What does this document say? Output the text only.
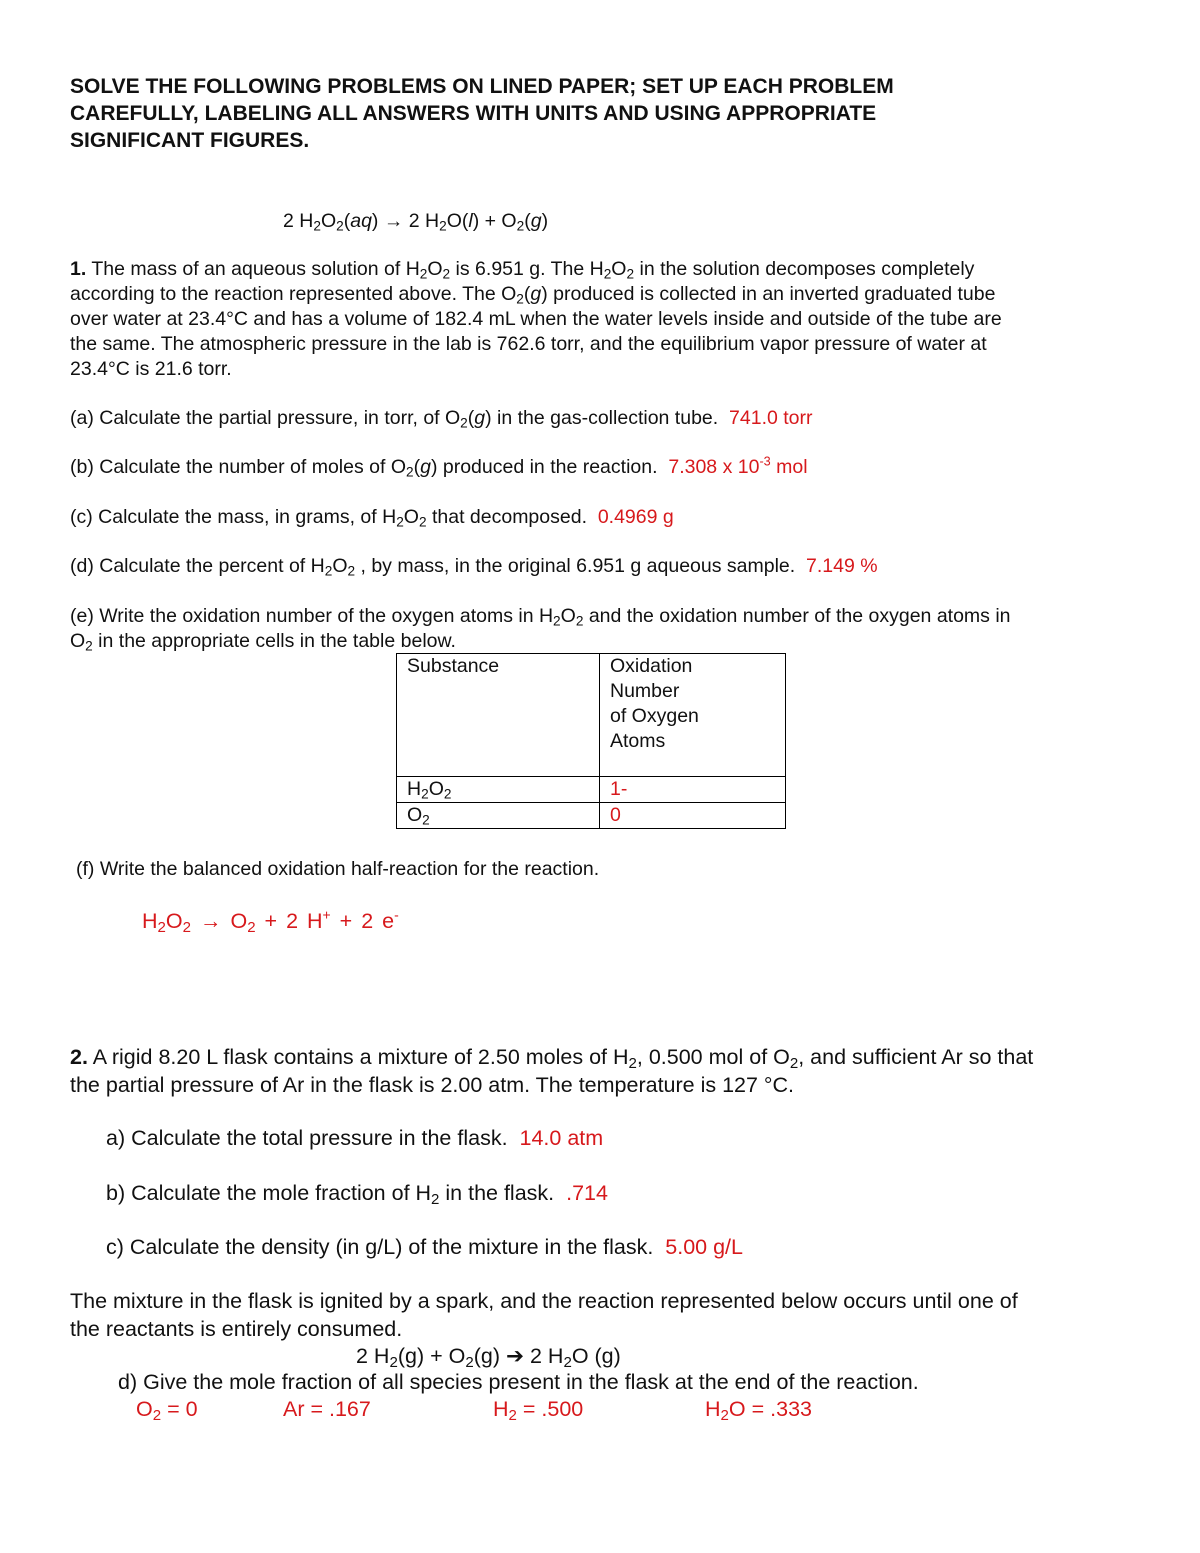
SOLVE THE FOLLOWING PROBLEMS ON LINED PAPER; SET UP EACH PROBLEM
CAREFULLY, LABELING ALL ANSWERS WITH UNITS AND USING APPROPRIATE
SIGNIFICANT FIGURES.
2 $H_2O_2(aq) \to 2$ $H_2O(l) + O_2(g)$
1. The mass of an aqueous solution of $H_2O_2$ is 6.951 g. The $H_2O_2$ in the solution decomposes completely
according to the reaction represented above. The $O_2(g)$ produced is collected in an inverted graduated tube
over water at 23.4°C and has a volume of 182.4 mL when the water levels inside and outside of the tube are
the same. The atmospheric pressure in the lab is 762.6 torr, and the equilibrium vapor pressure of water at
23.4°C is 21.6 torr.
(a) Calculate the partial pressure, in torr, of $O_2(g)$ in the gas-collection tube. 741.0 torr
(b) Calculate the number of moles of $O_2(g)$ produced in the reaction. 7.308 x $10^{-3}$ mol
(c) Calculate the mass, in grams, of $H_2O_2$ that decomposed. 0.4969 g
(d) Calculate the percent of $H_2O_2$ , by mass, in the original 6.951 g aqueous sample. 7.149 %
(e) Write the oxidation number of the oxygen atoms in $H_2O_2$ and the oxidation number of the oxygen atoms in
$O_2$ in the appropriate cells in the table below.
Substance	Oxidation
Number
of Oxygen
Atoms

$H_2O_2$	1-
$O_2$	0
(f) Write the balanced oxidation half-reaction for the reaction.
$H_2O_2 \to O_2 + 2$ H+ + 2 e-
2. A rigid 8.20 L flask contains a mixture of 2.50 moles of $H_2$, 0.500 mol of $O_2$, and sufficient Ar so that
the partial pressure of Ar in the flask is 2.00 atm. The temperature is 127 °C.
a) Calculate the total pressure in the flask. 14.0 atm
b) Calculate the mole fraction of $H_2$ in the flask. .714
c) Calculate the density (in g/L) of the mixture in the flask. 5.00 g/L
The mixture in the flask is ignited by a spark, and the reaction represented below occurs until one of
the reactants is entirely consumed.
2 $H_2(g) + O_2(g)$ ➔ 2 $H_2O$ (g)
d) Give the mole fraction of all species present in the flask at the end of the reaction.
$O_2 = 0$	Ar = .167	$H_2 = .500$	$H_2O = .333$
